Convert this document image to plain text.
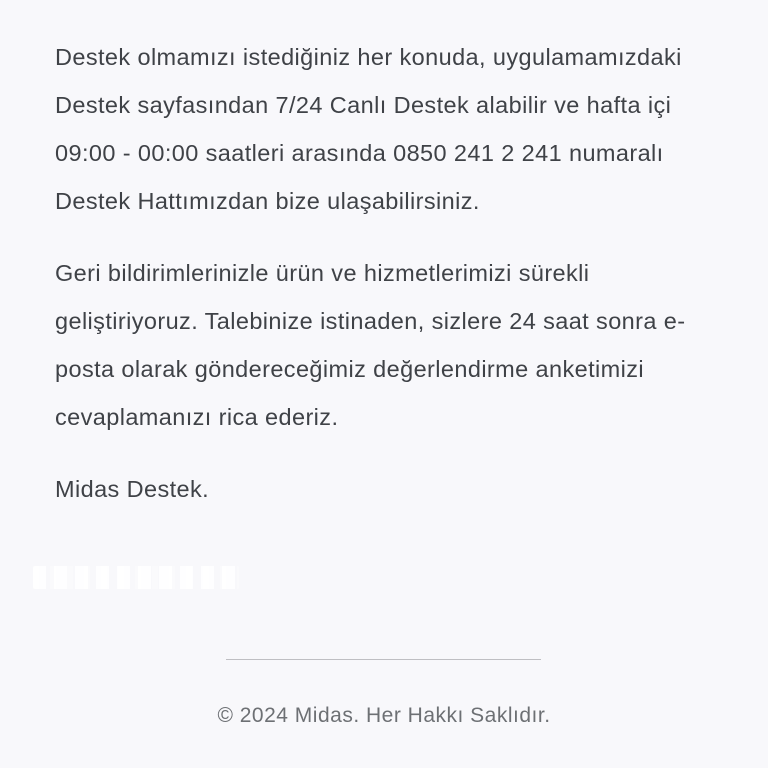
Destek olmamızı istediğiniz her konuda, uygulamamızdaki
Destek sayfasından 7/24 Canlı Destek alabilir ve hafta içi
09:00 - 00:00 saatleri arasında 0850 241 2 241 numaralı
Destek Hattımızdan bize ulaşabilirsiniz.
Geri bildirimlerinizle ürün ve hizmetlerimizi sürekli
geliştiriyoruz. Talebinize istinaden, sizlere 24 saat sonra e-
posta olarak göndereceğimiz değerlendirme anketimizi
cevaplamanızı rica ederiz.
Midas Destek.
© 2024 Midas. Her Hakkı Saklıdır.
